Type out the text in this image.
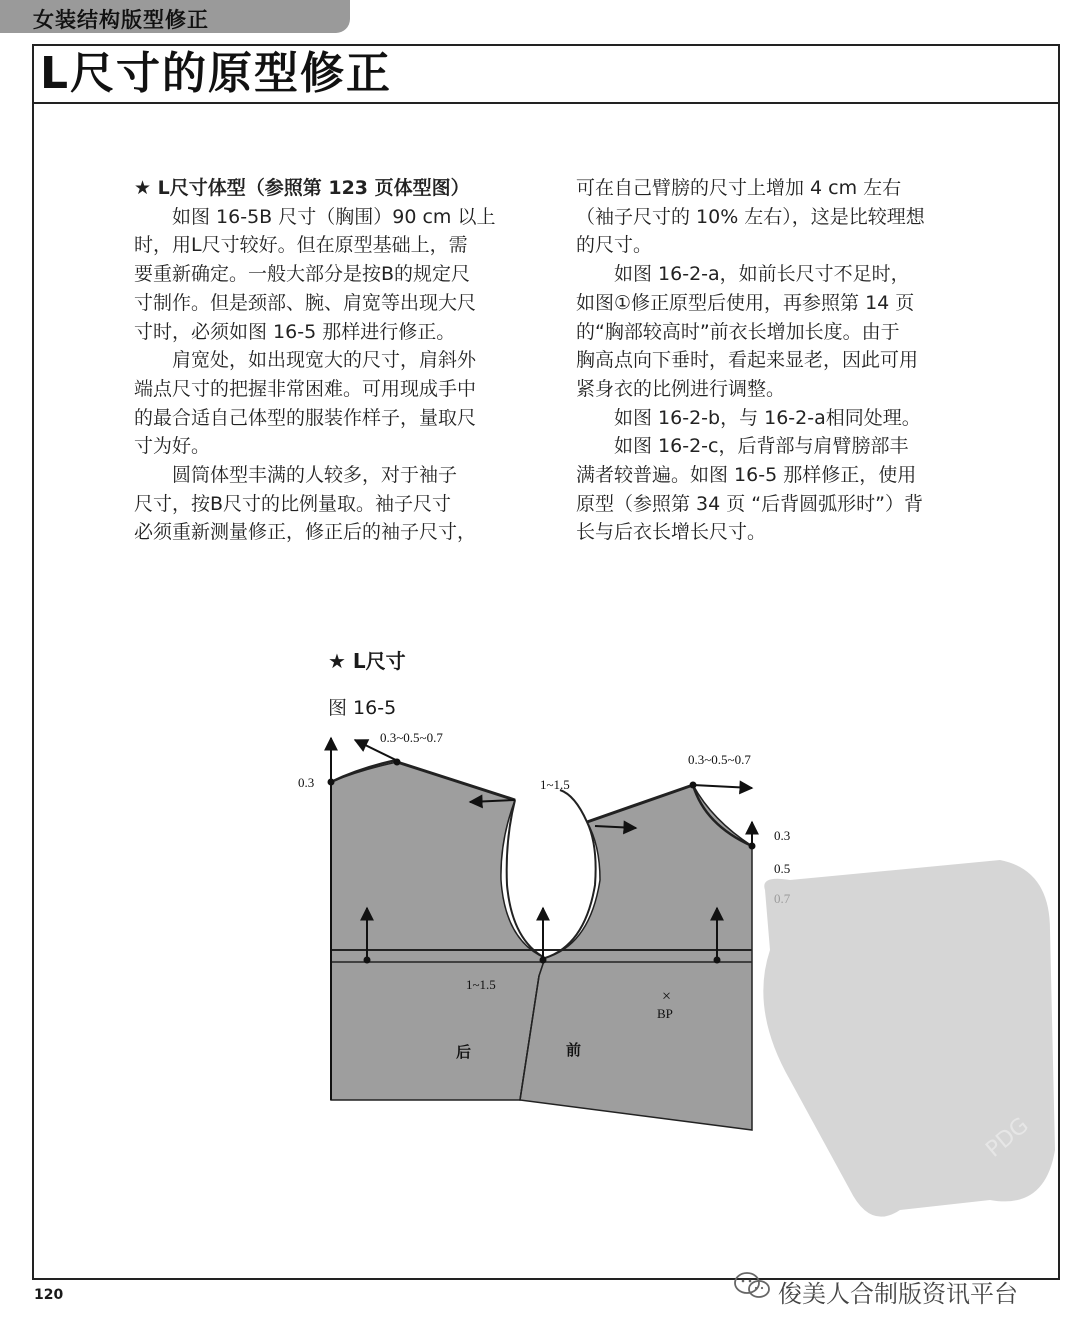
女装结构版型修正
L尺寸的原型修正

★ L尺寸体型（参照第 123 页体型图）

如图 16-5B 尺寸（胸围）90 cm 以上

时，用L尺寸较好。但在原型基础上，需

要重新确定。一般大部分是按B的规定尺

寸制作。但是颈部、腕、肩宽等出现大尺

寸时，必须如图 16-5 那样进行修正。

肩宽处，如出现宽大的尺寸，肩斜外

端点尺寸的把握非常困难。可用现成手中

的最合适自己体型的服装作样子，量取尺

寸为好。

圆筒体型丰满的人较多，对于袖子

尺寸，按B尺寸的比例量取。袖子尺寸

必须重新测量修正，修正后的袖子尺寸，

可在自己臂膀的尺寸上增加 4 cm 左右

（袖子尺寸的 10% 左右），这是比较理想

的尺寸。

如图 16-2-a，如前长尺寸不足时，

如图①修正原型后使用，再参照第 14 页

的“胸部较高时”前衣长增加长度。由于

胸高点向下垂时，看起来显老，因此可用

紧身衣的比例进行调整。

如图 16-2-b，与 16-2-a相同处理。

如图 16-2-c，后背部与肩臂膀部丰

满者较普遍。如图 16-5 那样修正，使用

原型（参照第 34 页 “后背圆弧形时”）背

长与后衣长增长尺寸。

★ L尺寸
图 16-5
0.3~0.5~0.7
0.3	1~1.5
0.3~0.5~0.7
0.3
0.5
1~1.5
×
BP
后	前
PDG
120	俊美人合制版资讯平台
